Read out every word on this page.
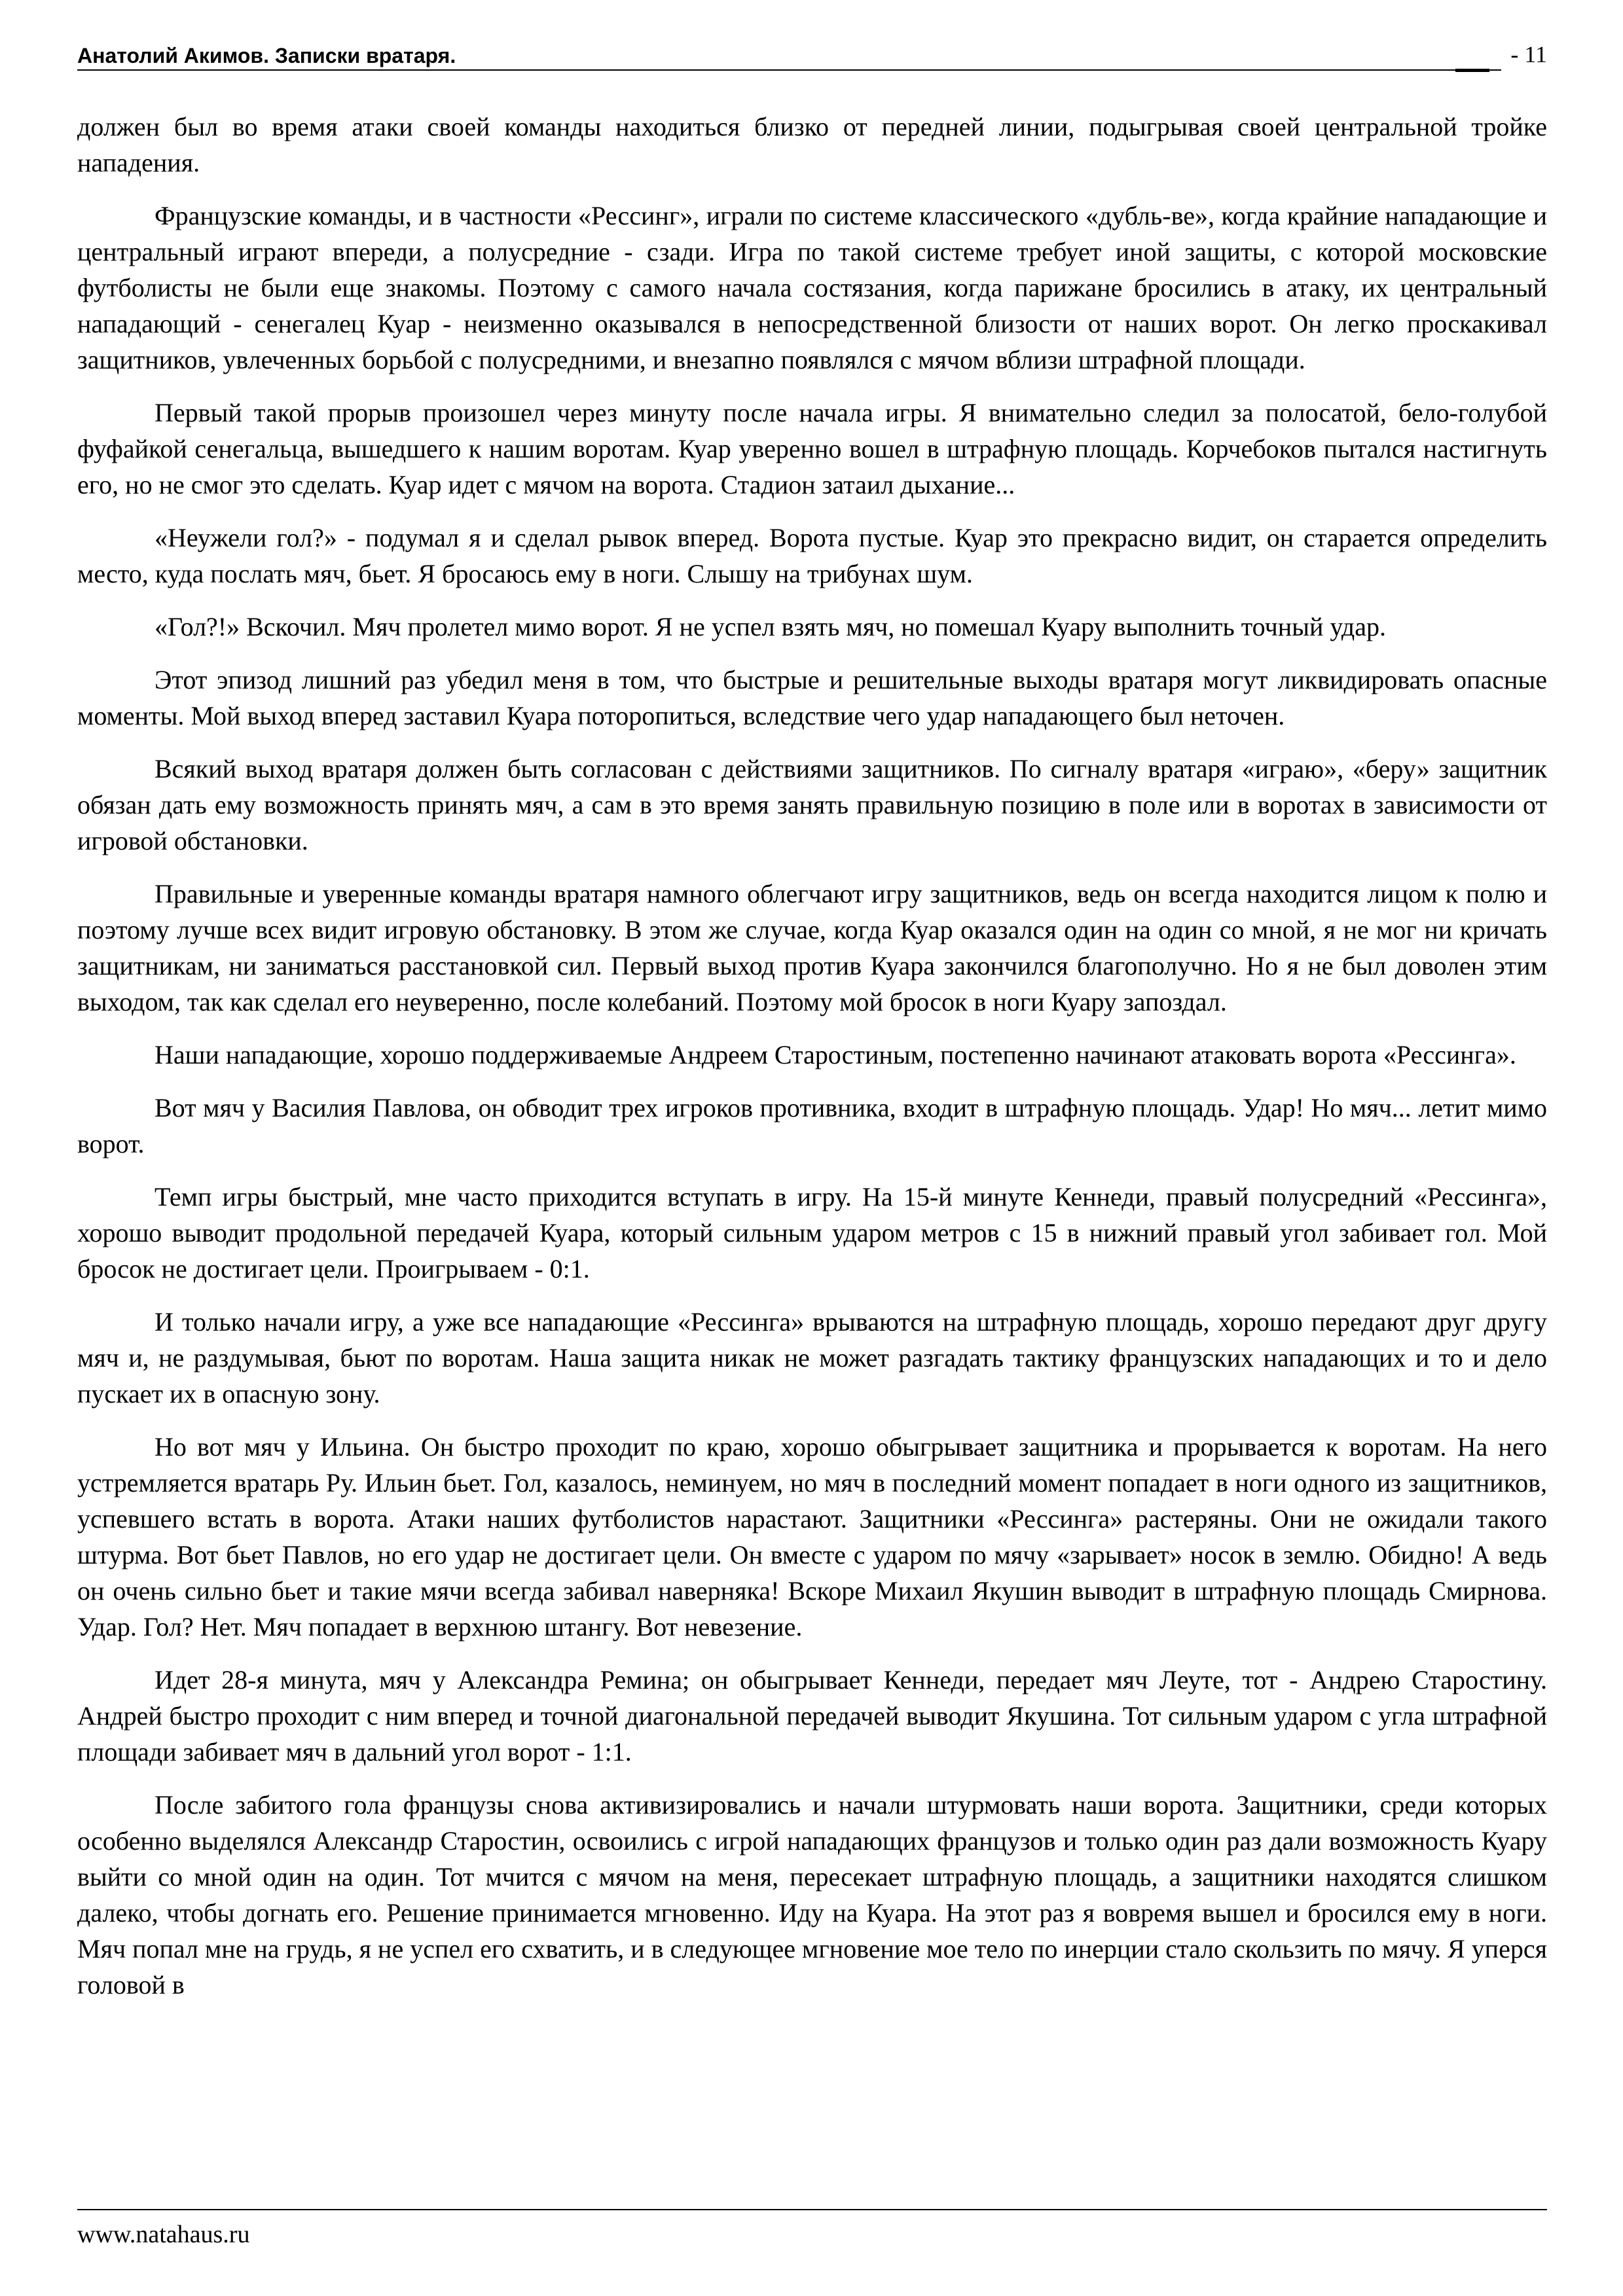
Анатолий Акимов. Записки вратаря.	- 11

должен был во время атаки своей команды находиться близко от передней линии, подыгрывая своей центральной тройке нападения.

Французские команды, и в частности «Рессинг», играли по системе классического «дубль-ве», когда крайние нападающие и центральный играют впереди, а полусредние - сзади. Игра по такой системе требует иной защиты, с которой московские футболисты не были еще знакомы. Поэтому с самого начала состязания, когда парижане бросились в атаку, их центральный нападающий - сенегалец Куар - неизменно оказывался в непосредственной близости от наших ворот. Он легко проскакивал защитников, увлеченных борьбой с полусредними, и внезапно появлялся с мячом вблизи штрафной площади.

Первый такой прорыв произошел через минуту после начала игры. Я внимательно следил за полосатой, бело-голубой фуфайкой сенегальца, вышедшего к нашим воротам. Куар уверенно вошел в штрафную площадь. Корчебоков пытался настигнуть его, но не смог это сделать. Куар идет с мячом на ворота. Стадион затаил дыхание...

«Неужели гол?» - подумал я и сделал рывок вперед. Ворота пустые. Куар это прекрасно видит, он старается определить место, куда послать мяч, бьет. Я бросаюсь ему в ноги. Слышу на трибунах шум.

«Гол?!» Вскочил. Мяч пролетел мимо ворот. Я не успел взять мяч, но помешал Куару выполнить точный удар.

Этот эпизод лишний раз убедил меня в том, что быстрые и решительные выходы вратаря могут ликвидировать опасные моменты. Мой выход вперед заставил Куара поторопиться, вследствие чего удар нападающего был неточен.

Всякий выход вратаря должен быть согласован с действиями защитников. По сигналу вратаря «играю», «беру» защитник обязан дать ему возможность принять мяч, а сам в это время занять правильную позицию в поле или в воротах в зависимости от игровой обстановки.

Правильные и уверенные команды вратаря намного облегчают игру защитников, ведь он всегда находится лицом к полю и поэтому лучше всех видит игровую обстановку. В этом же случае, когда Куар оказался один на один со мной, я не мог ни кричать защитникам, ни заниматься расстановкой сил. Первый выход против Куара закончился благополучно. Но я не был доволен этим выходом, так как сделал его неуверенно, после колебаний. Поэтому мой бросок в ноги Куару запоздал.

Наши нападающие, хорошо поддерживаемые Андреем Старостиным, постепенно начинают атаковать ворота «Рессинга».

Вот мяч у Василия Павлова, он обводит трех игроков противника, входит в штрафную площадь. Удар! Но мяч... летит мимо ворот.

Темп игры быстрый, мне часто приходится вступать в игру. На 15-й минуте Кеннеди, правый полусредний «Рессинга», хорошо выводит продольной передачей Куара, который сильным ударом метров с 15 в нижний правый угол забивает гол. Мой бросок не достигает цели. Проигрываем - 0:1.

И только начали игру, а уже все нападающие «Рессинга» врываются на штрафную площадь, хорошо передают друг другу мяч и, не раздумывая, бьют по воротам. Наша защита никак не может разгадать тактику французских нападающих и то и дело пускает их в опасную зону.

Но вот мяч у Ильина. Он быстро проходит по краю, хорошо обыгрывает защитника и прорывается к воротам. На него устремляется вратарь Ру. Ильин бьет. Гол, казалось, неминуем, но мяч в последний момент попадает в ноги одного из защитников, успевшего встать в ворота. Атаки наших футболистов нарастают. Защитники «Рессинга» растеряны. Они не ожидали такого штурма. Вот бьет Павлов, но его удар не достигает цели. Он вместе с ударом по мячу «зарывает» носок в землю. Обидно! А ведь он очень сильно бьет и такие мячи всегда забивал наверняка! Вскоре Михаил Якушин выводит в штрафную площадь Смирнова. Удар. Гол? Нет. Мяч попадает в верхнюю штангу. Вот невезение.

Идет 28-я минута, мяч у Александра Ремина; он обыгрывает Кеннеди, передает мяч Леуте, тот - Андрею Старостину. Андрей быстро проходит с ним вперед и точной диагональной передачей выводит Якушина. Тот сильным ударом с угла штрафной площади забивает мяч в дальний угол ворот - 1:1.

После забитого гола французы снова активизировались и начали штурмовать наши ворота. Защитники, среди которых особенно выделялся Александр Старостин, освоились с игрой нападающих французов и только один раз дали возможность Куару выйти со мной один на один. Тот мчится с мячом на меня, пересекает штрафную площадь, а защитники находятся слишком далеко, чтобы догнать его. Решение принимается мгновенно. Иду на Куара. На этот раз я вовремя вышел и бросился ему в ноги. Мяч попал мне на грудь, я не успел его схватить, и в следующее мгновение мое тело по инерции стало скользить по мячу. Я уперся головой в

www.natahaus.ru
